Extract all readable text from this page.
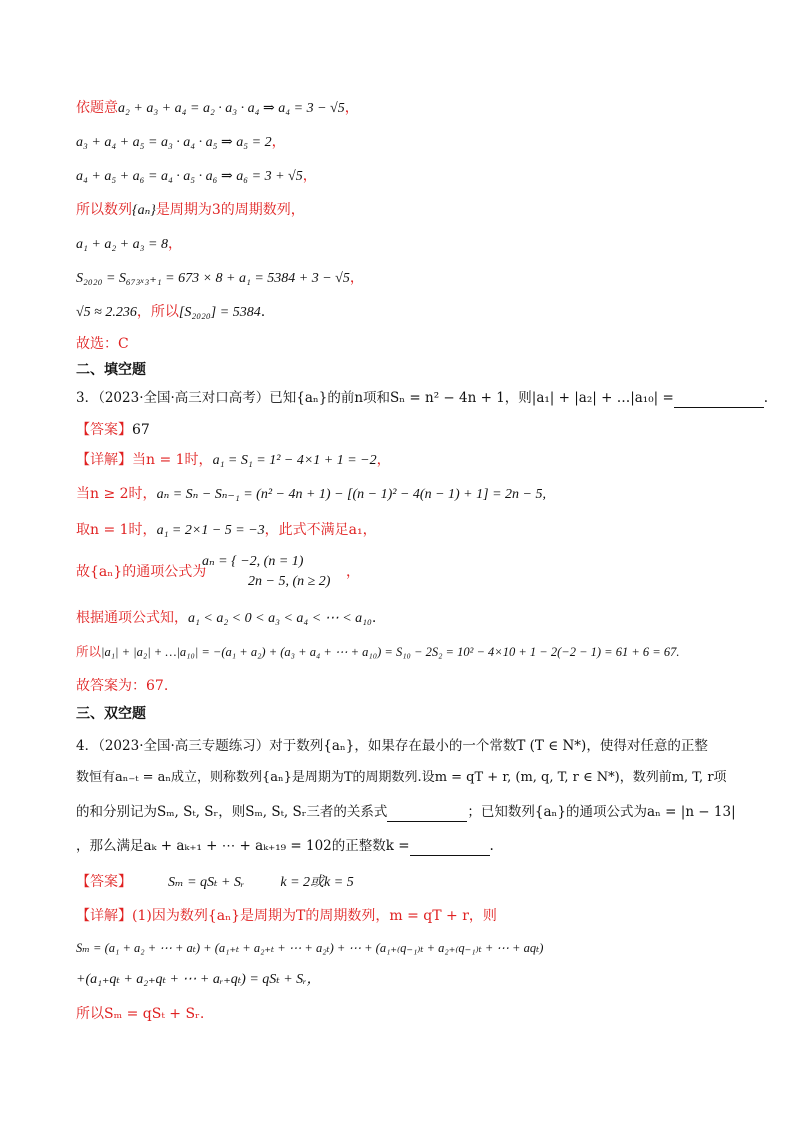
依题意a₂ + a₃ + a₄ = a₂ · a₃ · a₄ ⇒ a₄ = 3 − √5，
a₃ + a₄ + a₅ = a₃ · a₄ · a₅ ⇒ a₅ = 2，
a₄ + a₅ + a₆ = a₄ · a₅ · a₆ ⇒ a₆ = 3 + √5，
所以数列{aₙ}是周期为3的周期数列，
a₁ + a₂ + a₃ = 8，
S₂₀₂₀ = S₆₇₃ₓ₃₊₁ = 673 × 8 + a₁ = 5384 + 3 − √5，
√5 ≈ 2.236，所以[S₂₀₂₀] = 5384.
故选：C
二、填空题
3．（2023·全国·高三对口高考）已知{aₙ}的前n项和Sₙ = n² − 4n + 1，则|a₁| + |a₂| + …|a₁₀| =	.
【答案】67
【详解】当n = 1时，a₁ = S₁ = 1² − 4×1 + 1 = −2，
当n ≥ 2时，aₙ = Sₙ − Sₙ₋₁ = (n² − 4n + 1) − [(n − 1)² − 4(n − 1) + 1] = 2n − 5,
取n = 1时，a₁ = 2×1 − 5 = −3，此式不满足a₁，
故{aₙ}的通项公式为
aₙ = { −2, (n = 1)
2n − 5, (n ≥ 2)
，
根据通项公式知，a₁ < a₂ < 0 < a₃ < a₄ < ⋯ < a₁₀.
所以|a₁| + |a₂| + …|a₁₀| = −(a₁ + a₂) + (a₃ + a₄ + ⋯ + a₁₀) = S₁₀ − 2S₂ = 10² − 4×10 + 1 − 2(−2 − 1) = 61 + 6 = 67.
故答案为：67.
三、双空题
4．（2023·全国·高三专题练习）对于数列{aₙ}，如果存在最小的一个常数T (T ∈ N*)，使得对任意的正整
数恒有aₙ₋ₜ = aₙ成立，则称数列{aₙ}是周期为T的周期数列.设m = qT + r, (m, q, T, r ∈ N*)，数列前m, T, r项
的和分别记为Sₘ, Sₜ, Sᵣ，则Sₘ, Sₜ, Sᵣ三者的关系式	；已知数列{aₙ}的通项公式为aₙ = |n − 13|
，那么满足aₖ + aₖ₊₁ + ⋯ + aₖ₊₁₉ = 102的正整数k =	.
【答案】	Sₘ = qSₜ + Sᵣ	k = 2或k = 5
【详解】(1)因为数列{aₙ}是周期为T的周期数列，m = qT + r，则
Sₘ = (a₁ + a₂ + ⋯ + aₜ) + (a₁₊ₜ + a₂₊ₜ + ⋯ + a₂ₜ) + ⋯ + (a₁₊₍q₋₁₎ₜ + a₂₊₍q₋₁₎ₜ + ⋯ + aqₜ)
+(a₁₊qₜ + a₂₊qₜ + ⋯ + aᵣ₊qₜ) = qSₜ + Sᵣ，
所以Sₘ = qSₜ + Sᵣ.
